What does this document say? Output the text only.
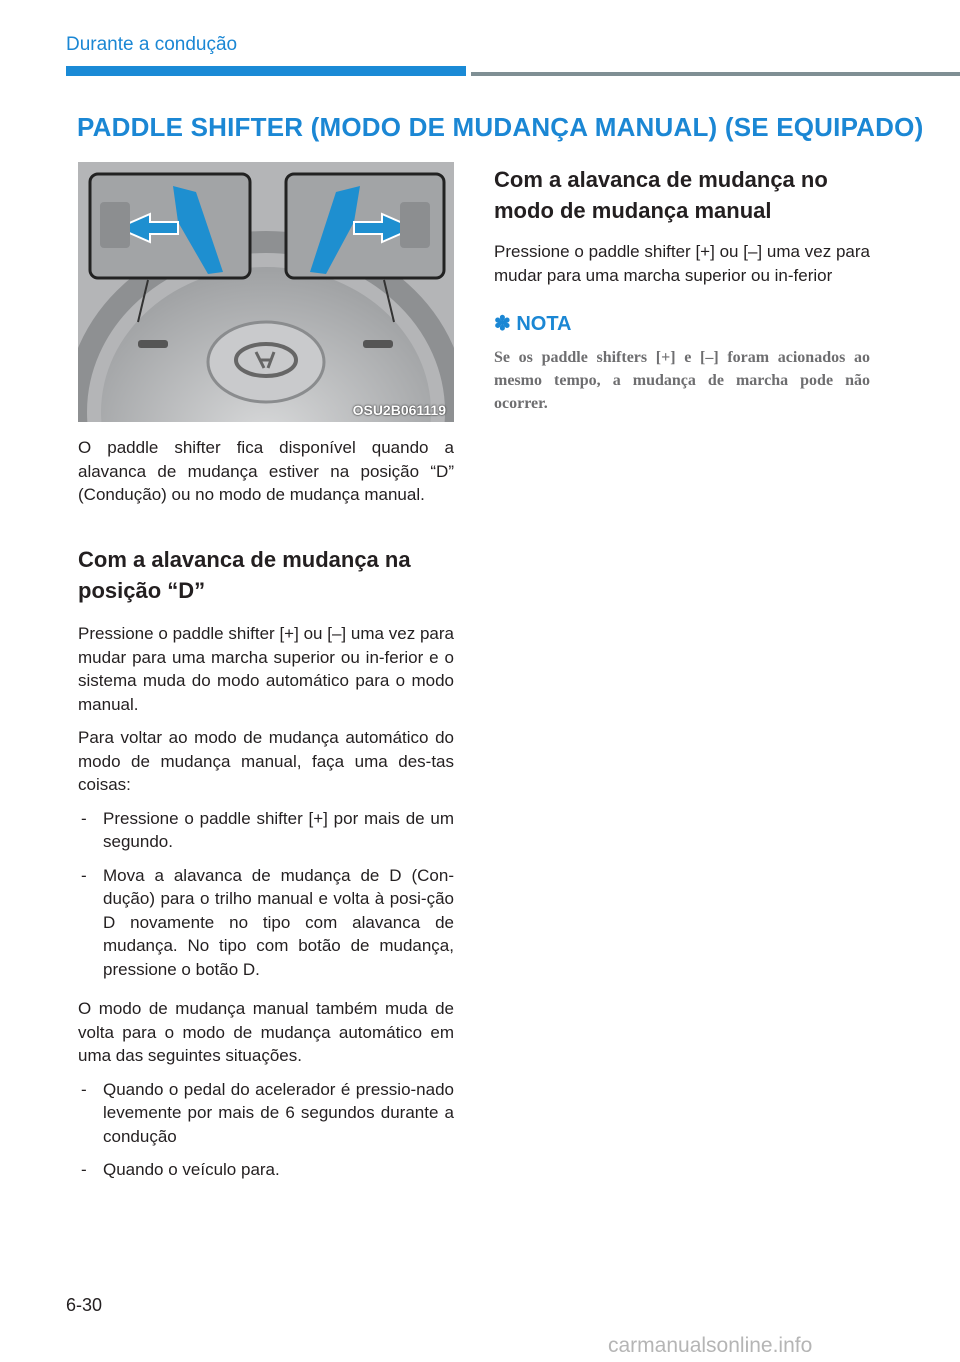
Durante a condução
PADDLE SHIFTER (MODO DE MUDANÇA MANUAL) (SE EQUIPADO)
OSU2B061119

O paddle shifter fica disponível quando a alavanca de mudança estiver na posição “D” (Condução) ou no modo de mudança manual.

Com a alavanca de mudança na posição “D”

Pressione o paddle shifter [+] ou [–] uma vez para mudar para uma marcha superior ou in-ferior e o sistema muda do modo automático para o modo manual.

Para voltar ao modo de mudança automático do modo de mudança manual, faça uma des-tas coisas:

- Pressione o paddle shifter [+] por mais de um segundo.
- Mova a alavanca de mudança de D (Con-dução) para o trilho manual e volta à posi-ção D novamente no tipo com alavanca de mudança. No tipo com botão de mudança, pressione o botão D.

O modo de mudança manual também muda de volta para o modo de mudança automático em uma das seguintes situações.

- Quando o pedal do acelerador é pressio-nado levemente por mais de 6 segundos durante a condução
- Quando o veículo para.
Com a alavanca de mudança no modo de mudança manual

Pressione o paddle shifter [+] ou [–] uma vez para mudar para uma marcha superior ou in-ferior

✽ NOTA

Se os paddle shifters [+] e [–] foram acionados ao mesmo tempo, a mudança de marcha pode não ocorrer.

6-30
carmanualsonline.info
